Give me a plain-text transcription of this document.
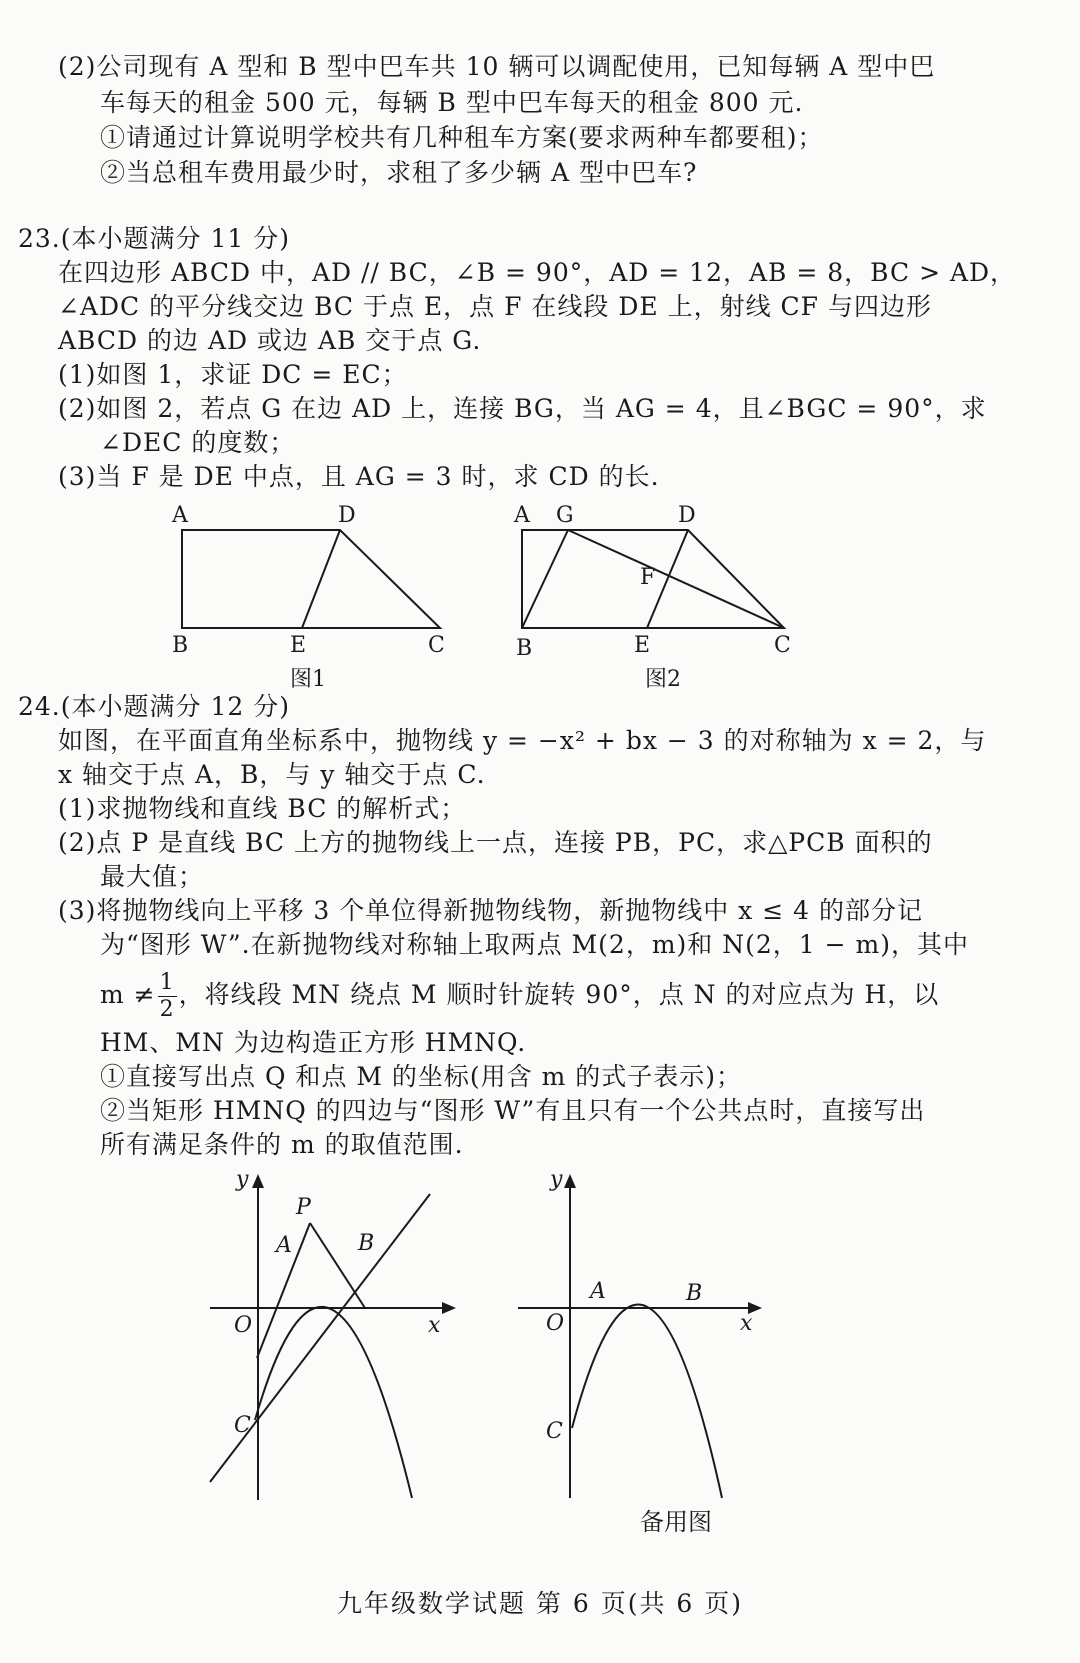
(2)公司现有 A 型和 B 型中巴车共 10 辆可以调配使用，已知每辆 A 型中巴
车每天的租金 500 元，每辆 B 型中巴车每天的租金 800 元.
①请通过计算说明学校共有几种租车方案(要求两种车都要租)；
②当总租车费用最少时，求租了多少辆 A 型中巴车?
23.(本小题满分 11 分)
在四边形 ABCD 中，AD // BC，∠B = 90°，AD = 12，AB = 8，BC > AD，
∠ADC 的平分线交边 BC 于点 E，点 F 在线段 DE 上，射线 CF 与四边形
ABCD 的边 AD 或边 AB 交于点 G.
(1)如图 1，求证 DC = EC；
(2)如图 2，若点 G 在边 AD 上，连接 BG，当 AG = 4，且∠BGC = 90°，求
∠DEC 的度数；
(3)当 F 是 DE 中点，且 AG = 3 时，求 CD 的长.
A	D
B	E	C
图1
A G	D
F
B	E	C
图2
24.(本小题满分 12 分)
如图，在平面直角坐标系中，抛物线 y = −x² + bx − 3 的对称轴为 x = 2，与
x 轴交于点 A，B，与 y 轴交于点 C.
(1)求抛物线和直线 BC 的解析式；
(2)点 P 是直线 BC 上方的抛物线上一点，连接 PB，PC，求△PCB 面积的
最大值；
(3)将抛物线向上平移 3 个单位得新抛物线物，新抛物线中 x ≤ 4 的部分记
为“图形 W”.在新抛物线对称轴上取两点 M(2，m)和 N(2，1 − m)，其中
$m \ne \frac{1}{2}$ ，将线段 MN 绕点 M 顺时针旋转 90°，点 N 的对应点为 H，以
HM、MN 为边构造正方形 HMNQ.
①直接写出点 Q 和点 M 的坐标(用含 m 的式子表示)；
②当矩形 HMNQ 的四边与“图形 W”有且只有一个公共点时，直接写出
所有满足条件的 m 的取值范围.
y
P
A	B
O	x
C
y
A	B
O	x
C
备用图
九年级数学试题 第 6 页(共 6 页)
